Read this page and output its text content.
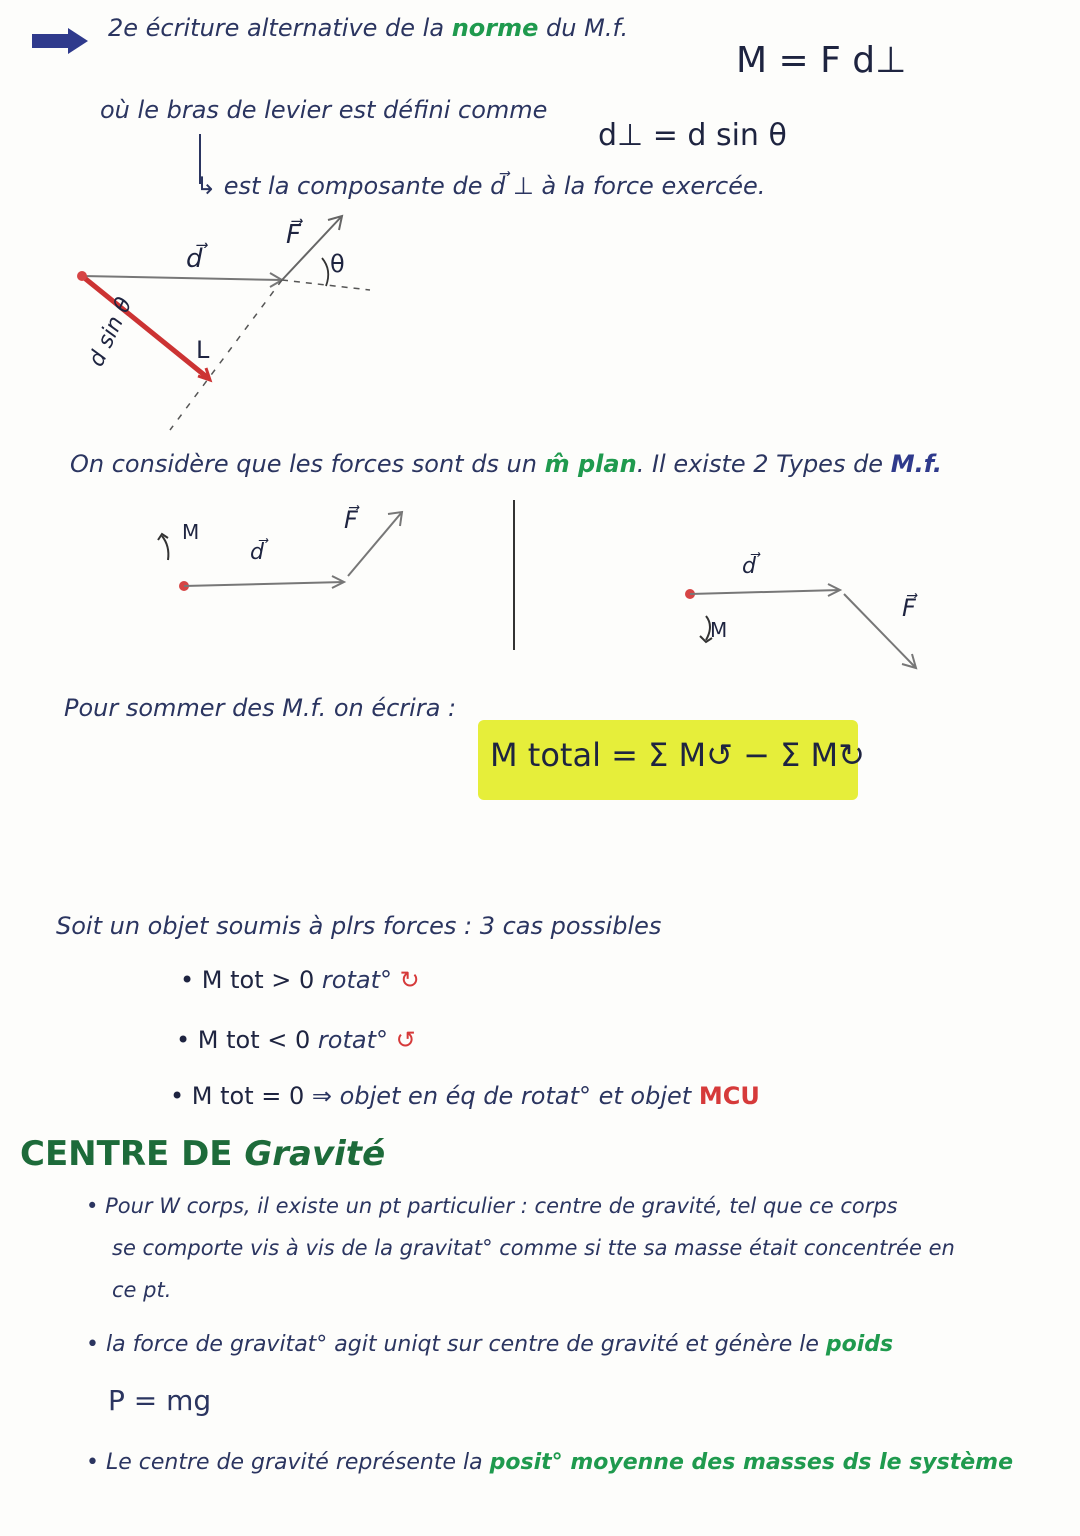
2e écriture alternative de la norme du M.f.
M = F d⊥
où le bras de levier est défini comme
d⊥ = d sin θ
↳ est la composante de d⃗ ⊥ à la force exercée.
d⃗
F⃗
θ
L
d sin θ
On considère que les forces sont ds un m̂ plan. Il existe 2 Types de M.f.
M
d⃗
F⃗
d⃗
M
F⃗
Pour sommer des M.f. on écrira :
M total = Σ M↺ − Σ M↻
Soit un objet soumis à plrs forces : 3 cas possibles
• M tot > 0 rotat° ↻
• M tot < 0 rotat° ↺
• M tot = 0 ⇒ objet en éq de rotat° et objet MCU
CENTRE DE Gravité
• Pour W corps, il existe un pt particulier : centre de gravité, tel que ce corps
se comporte vis à vis de la gravitat° comme si tte sa masse était concentrée en
ce pt.
• la force de gravitat° agit uniqt sur centre de gravité et génère le poids
P = mg
• Le centre de gravité représente la posit° moyenne des masses ds le système
